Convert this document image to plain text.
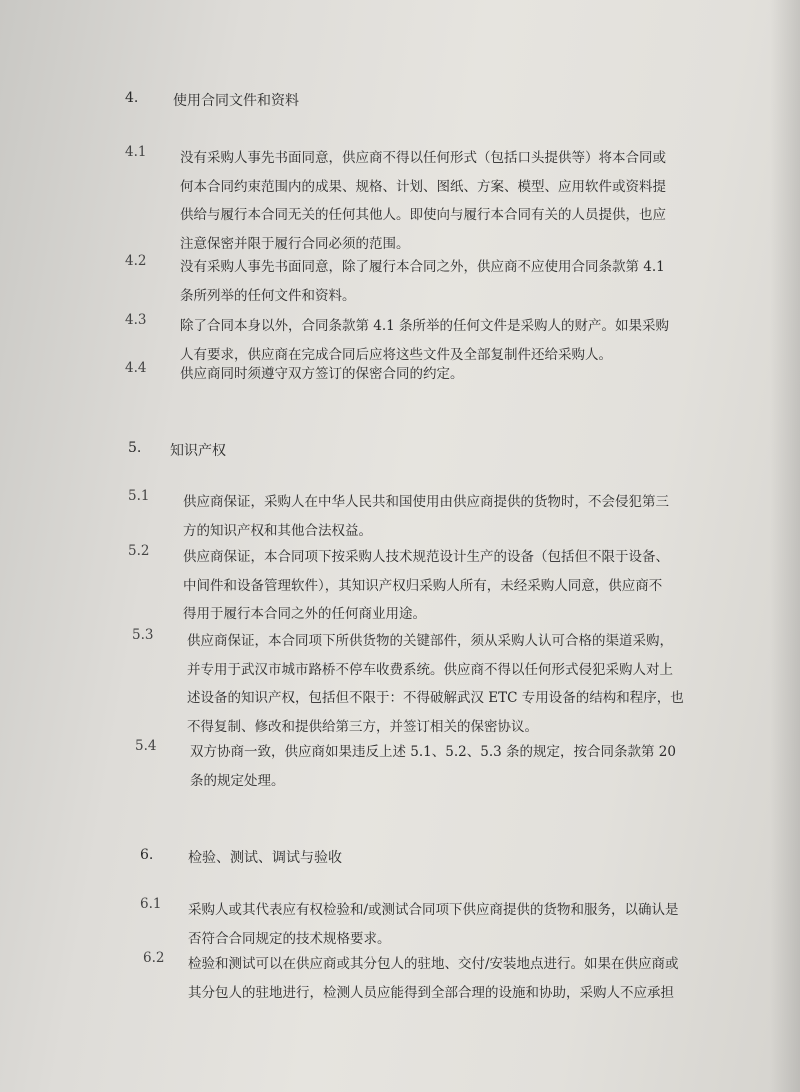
4. 使用合同文件和资料
4.1 没有采购人事先书面同意，供应商不得以任何形式（包括口头提供等）将本合同或
何本合同约束范围内的成果、规格、计划、图纸、方案、模型、应用软件或资料提
供给与履行本合同无关的任何其他人。即使向与履行本合同有关的人员提供，也应
注意保密并限于履行合同必须的范围。
4.2 没有采购人事先书面同意，除了履行本合同之外，供应商不应使用合同条款第 4.1
条所列举的任何文件和资料。
4.3 除了合同本身以外，合同条款第 4.1 条所举的任何文件是采购人的财产。如果采购
人有要求，供应商在完成合同后应将这些文件及全部复制件还给采购人。
4.4 供应商同时须遵守双方签订的保密合同的约定。
5. 知识产权
5.1 供应商保证，采购人在中华人民共和国使用由供应商提供的货物时，不会侵犯第三
方的知识产权和其他合法权益。
5.2 供应商保证，本合同项下按采购人技术规范设计生产的设备（包括但不限于设备、
中间件和设备管理软件），其知识产权归采购人所有，未经采购人同意，供应商不
得用于履行本合同之外的任何商业用途。
5.3 供应商保证，本合同项下所供货物的关键部件，须从采购人认可合格的渠道采购，
并专用于武汉市城市路桥不停车收费系统。供应商不得以任何形式侵犯采购人对上
述设备的知识产权，包括但不限于：不得破解武汉 ETC 专用设备的结构和程序，也
不得复制、修改和提供给第三方，并签订相关的保密协议。
5.4 双方协商一致，供应商如果违反上述 5.1、5.2、5.3 条的规定，按合同条款第 20
条的规定处理。
6. 检验、测试、调试与验收
6.1 采购人或其代表应有权检验和/或测试合同项下供应商提供的货物和服务，以确认是
否符合合同规定的技术规格要求。
6.2 检验和测试可以在供应商或其分包人的驻地、交付/安装地点进行。如果在供应商或
其分包人的驻地进行，检测人员应能得到全部合理的设施和协助，采购人不应承担
